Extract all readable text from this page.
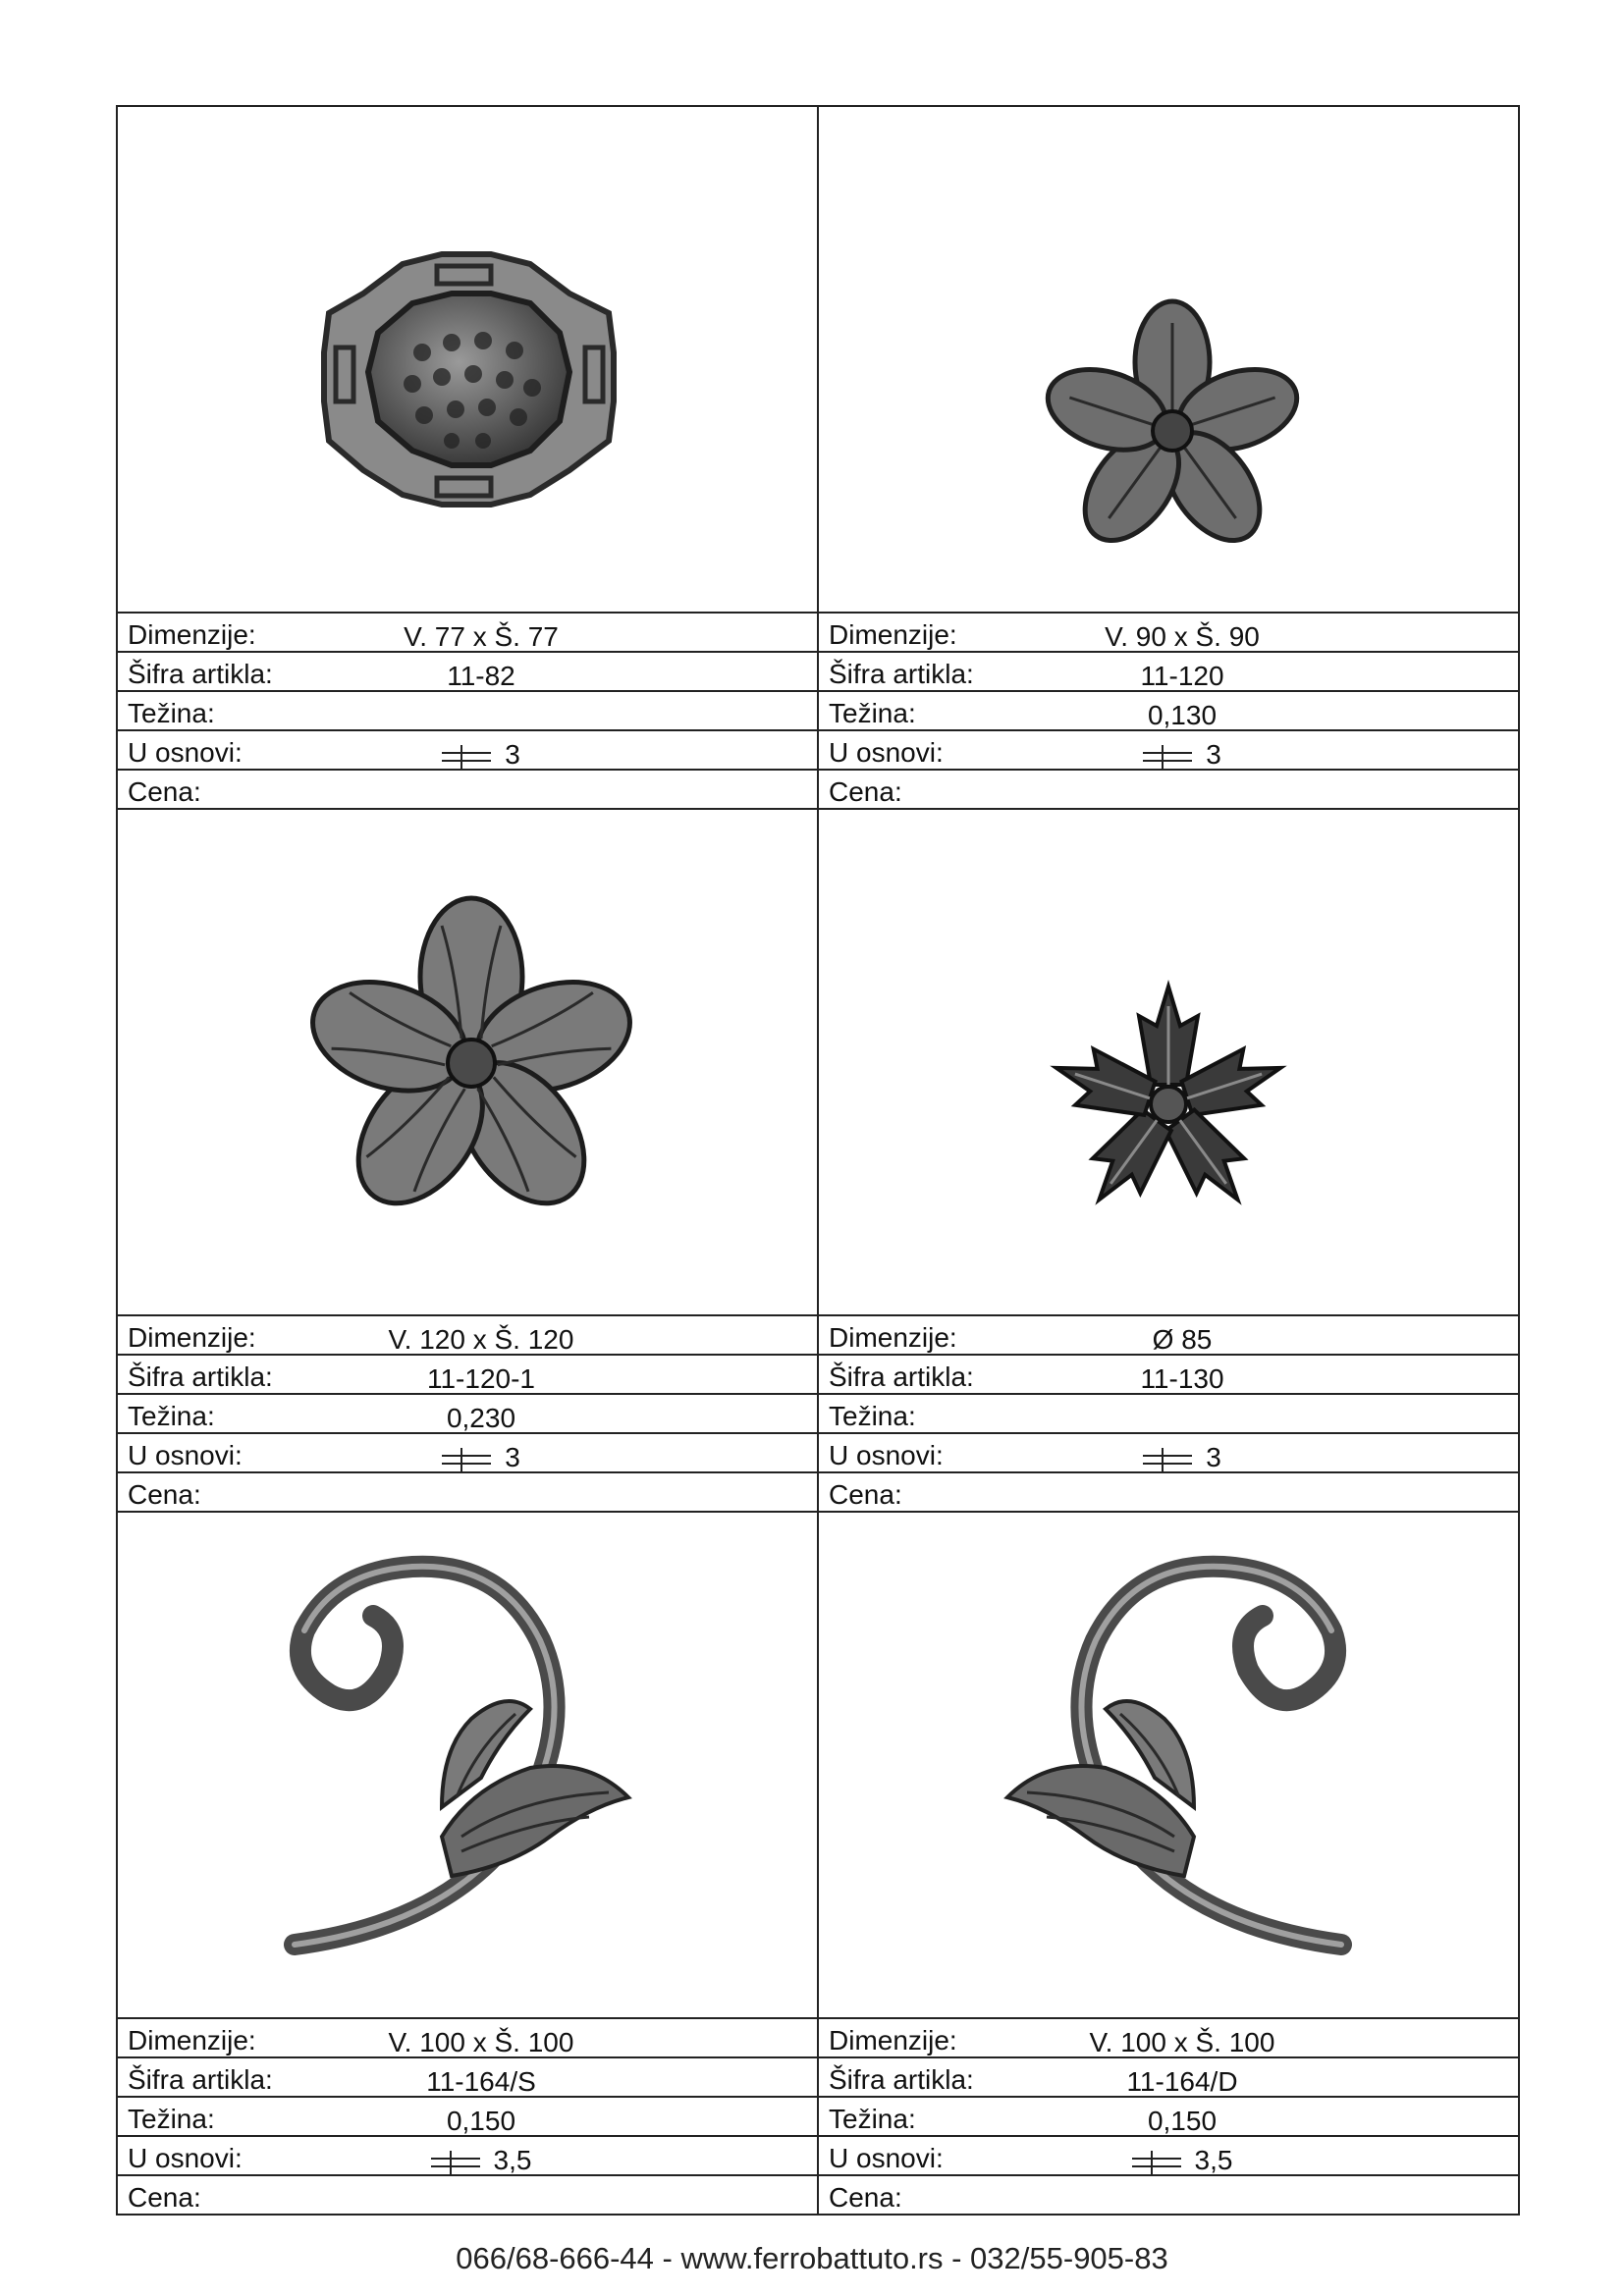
Dimenzije:	V. 77 x Š. 77
Šifra artikla:	11-82
Težina:
U osnovi:	3
Cena:
Dimenzije:	V. 90 x Š. 90
Šifra artikla:	11-120
Težina:	0,130
U osnovi:	3
Cena:
Dimenzije:	V. 120 x Š. 120
Šifra artikla:	11-120-1
Težina:	0,230
U osnovi:	3
Cena:
Dimenzije:	Ø 85
Šifra artikla:	11-130
Težina:
U osnovi:	3
Cena:
Dimenzije:	V. 100 x Š. 100
Šifra artikla:	11-164/S
Težina:	0,150
U osnovi:	3,5
Cena:
Dimenzije:	V. 100 x Š. 100
Šifra artikla:	11-164/D
Težina:	0,150
U osnovi:	3,5
Cena:
066/68-666-44 - www.ferrobattuto.rs - 032/55-905-83
